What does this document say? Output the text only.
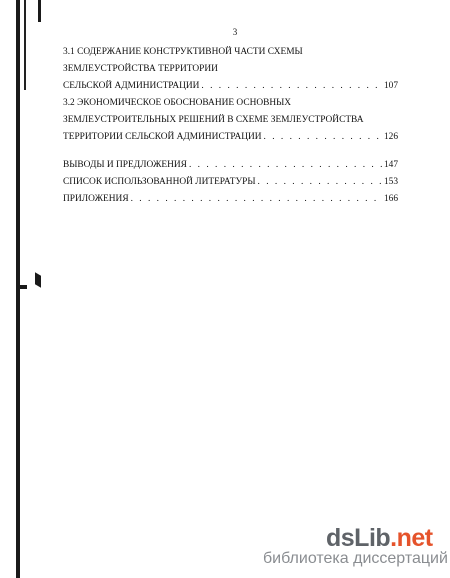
3
3.1 СОДЕРЖАНИЕ КОНСТРУКТИВНОЙ ЧАСТИ СХЕМЫ
ЗЕМЛЕУСТРОЙСТВА ТЕРРИТОРИИ
СЕЛЬСКОЙ АДМИНИСТРАЦИИ . . .	107
3.2 ЭКОНОМИЧЕСКОЕ ОБОСНОВАНИЕ ОСНОВНЫХ
ЗЕМЛЕУСТРОИТЕЛЬНЫХ РЕШЕНИЙ В СХЕМЕ ЗЕМЛЕУСТРОЙСТВА
ТЕРРИТОРИИ СЕЛЬСКОЙ АДМИНИСТРАЦИИ . . .	126
ВЫВОДЫ И ПРЕДЛОЖЕНИЯ . . .	147
СПИСОК ИСПОЛЬЗОВАННОЙ ЛИТЕРАТУРЫ . . .	153
ПРИЛОЖЕНИЯ . . .	166
dsLib.net
библиотека диссертаций
